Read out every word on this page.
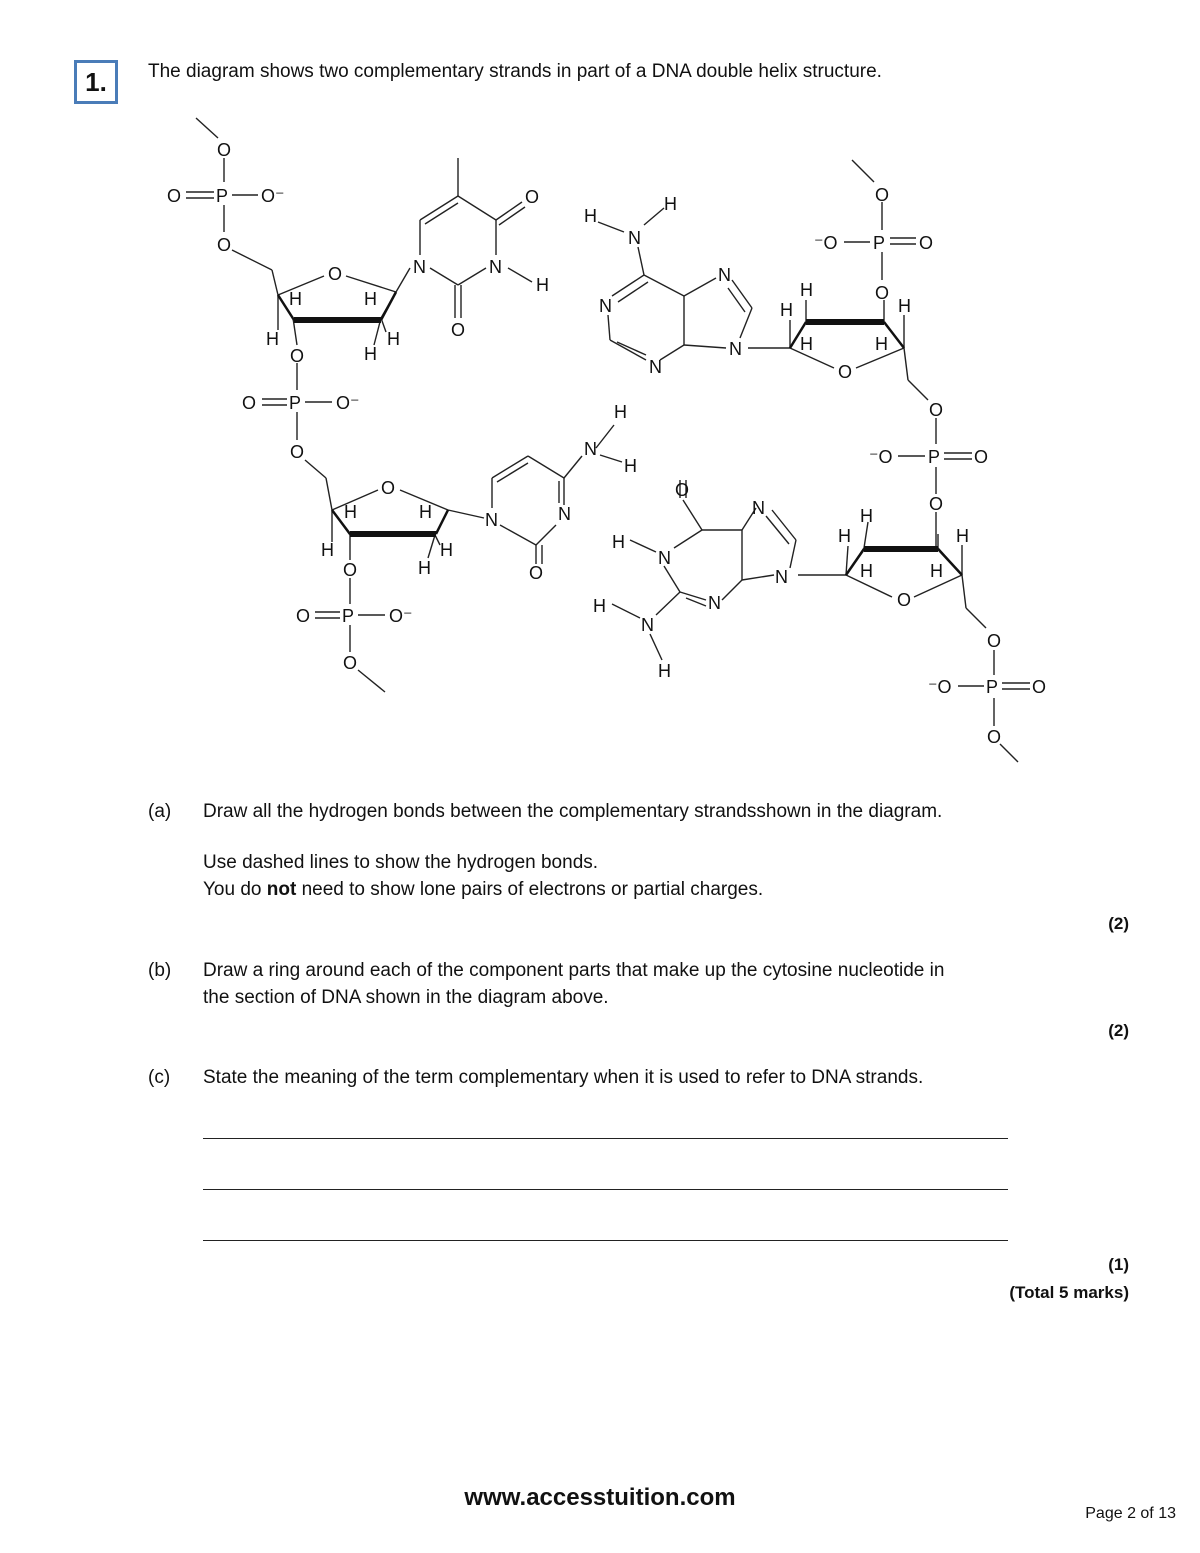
1. The diagram shows two complementary strands in part of a DNA double helix structure.
O
O P O⁻
O
O
H	H
H	H
H
N	N
H
O
O
O
O P O⁻
O
O
H	H
H	H
O	H
N	N
O
N
H
H
O P O⁻
O
H
H
N
N
N
N
N
H
H
H	H
H
O
O
O
⁻O P O
O
⁻O P O
O
O
H
N
N
N
N
H
N
H
H
H
H	H
H
O
O
⁻O P O
O
(a) Draw all the hydrogen bonds between the complementary strandsshown in the diagram.
Use dashed lines to show the hydrogen bonds.
You do not need to show lone pairs of electrons or partial charges.
(2)
(b) Draw a ring around each of the component parts that make up the cytosine nucleotide in
the section of DNA shown in the diagram above.
(2)
(c) State the meaning of the term complementary when it is used to refer to DNA strands.
(1)
(Total 5 marks)
www.accesstuition.com
Page 2 of 13
